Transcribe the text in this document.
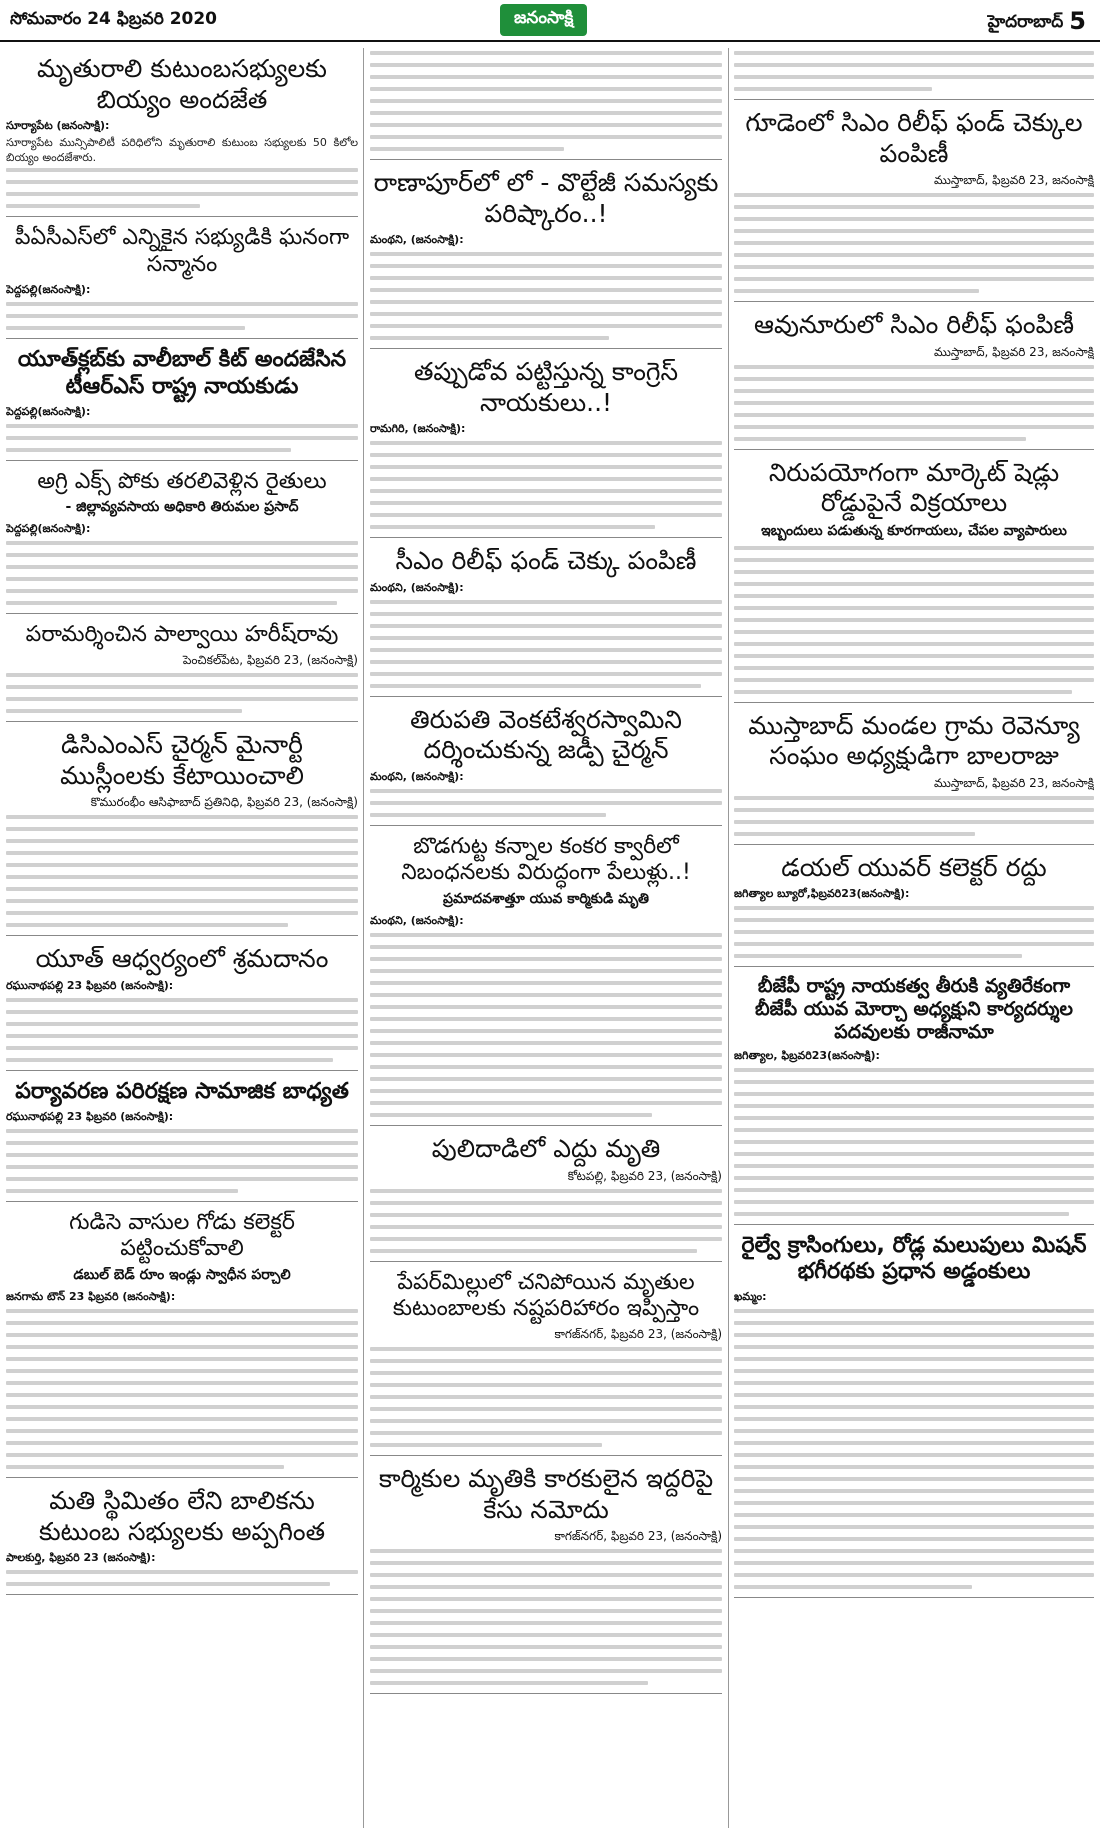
సోమవారం 24 ఫిబ్రవరి 2020	జనంసాక్షి	హైదరాబాద్ 5
మృతురాలి కుటుంబసభ్యులకు బియ్యం అందజేత
సూర్యాపేట (జనంసాక్షి):
సూర్యాపేట మున్సిపాలిటీ పరిధిలోని మృతురాలి కుటుంబ సభ్యులకు 50 కిలోల బియ్యం అందజేశారు.
పీఏసీఎస్‌లో ఎన్నికైన సభ్యుడికి ఘనంగా సన్మానం
పెద్దపల్లి(జనంసాక్షి):
యూత్‌క్లబ్‌కు వాలీబాల్‌ కిట్‌ అందజేసిన టీఆర్‌ఎస్‌ రాష్ట్ర నాయకుడు
పెద్దపల్లి(జనంసాక్షి):
అగ్రి ఎక్స్‌ పోకు తరలివెళ్లిన రైతులు
- జిల్లావ్యవసాయ అధికారి తిరుమల ప్రసాద్‌
పెద్దపల్లి(జనంసాక్షి):
పరామర్శించిన పాల్వాయి హరీష్‌రావు
పెంచికల్‌పేట, ఫిబ్రవరి 23, (జనంసాక్షి)
డిసిఎంఎస్‌ చైర్మన్‌ మైనార్టీ ముస్లీంలకు కేటాయించాలి
కొమురంభీం ఆసిఫాబాద్‌ ప్రతినిధి, ఫిబ్రవరి 23, (జనంసాక్షి)
యూత్‌ ఆధ్వర్యంలో శ్రమదానం
రఘునాథపల్లి 23 ఫిబ్రవరి (జనంసాక్షి):
పర్యావరణ పరిరక్షణ సామాజిక బాధ్యత
రఘునాథపల్లి 23 ఫిబ్రవరి (జనంసాక్షి):
గుడిసె వాసుల గోడు కలెక్టర్‌ పట్టించుకోవాలి
డబుల్‌ బెడ్‌ రూం ఇండ్లు స్వాధీన పర్చాలి
జనగామ టౌన్‌ 23 ఫిబ్రవరి (జనంసాక్షి):
మతి స్థిమితం లేని బాలికను కుటుంబ సభ్యులకు అప్పగింత
పాలకుర్తి, ఫిబ్రవరి 23 (జనంసాక్షి):
రాణాపూర్‌లో లో - వొల్టేజీ సమస్యకు పరిష్కారం..!
మంథని, (జనంసాక్షి):
తప్పుడోవ పట్టిస్తున్న కాంగ్రెస్‌ నాయకులు..!
రామగిరి, (జనంసాక్షి):
సీఎం రిలీఫ్‌ ఫండ్‌ చెక్కు పంపిణీ
మంథని, (జనంసాక్షి):
తిరుపతి వెంకటేశ్వరస్వామిని దర్శించుకున్న జడ్పీ చైర్మన్‌
మంథని, (జనంసాక్షి):
బొడగుట్ట కన్నాల కంకర క్వారీలో నిబంధనలకు విరుద్ధంగా పేలుళ్లు..!
ప్రమాదవశాత్తూ యువ కార్మికుడి మృతి
మంథని, (జనంసాక్షి):
పులిదాడిలో ఎద్దు మృతి
కోటపల్లి, ఫిబ్రవరి 23, (జనంసాక్షి)
పేపర్‌మిల్లులో చనిపోయిన మృతుల కుటుంబాలకు నష్టపరిహారం ఇప్పిస్తాం
కాగజ్‌నగర్‌, ఫిబ్రవరి 23, (జనంసాక్షి)
కార్మికుల మృతికి కారకులైన ఇద్దరిపై కేసు నమోదు
కాగజ్‌నగర్‌, ఫిబ్రవరి 23, (జనంసాక్షి)
గూడెంలో సిఎం రిలీఫ్‌ ఫండ్‌ చెక్కుల పంపిణీ
ముస్తాబాద్‌, ఫిబ్రవరి 23, జనంసాక్షి
ఆవునూరులో సిఎం రిలీఫ్‌ ఫంపిణీ
ముస్తాబాద్‌, ఫిబ్రవరి 23, జనంసాక్షి
నిరుపయోగంగా మార్కెట్‌ షెడ్లు రోడ్డుపైనే విక్రయాలు
ఇబ్బందులు పడుతున్న కూరగాయలు, చేపల వ్యాపారులు
ముస్తాబాద్‌ మండల గ్రామ రెవెన్యూ సంఘం అధ్యక్షుడిగా బాలరాజు
ముస్తాబాద్‌, ఫిబ్రవరి 23, జనంసాక్షి
డయల్‌ యువర్‌ కలెక్టర్‌ రద్దు
జగిత్యాల బ్యూరో,ఫిబ్రవరి23(జనంసాక్షి):
బీజేపీ రాష్ట్ర నాయకత్వ తీరుకి వ్యతిరేకంగా బీజేపీ యువ మోర్చా అధ్యక్షుని కార్యదర్శుల పదవులకు రాజీనామా
జగిత్యాల, ఫిబ్రవరి23(జనంసాక్షి):
రైల్వే క్రాసింగులు, రోడ్ల మలుపులు మిషన్‌ భగీరథకు ప్రధాన అడ్డంకులు
ఖమ్మం:
